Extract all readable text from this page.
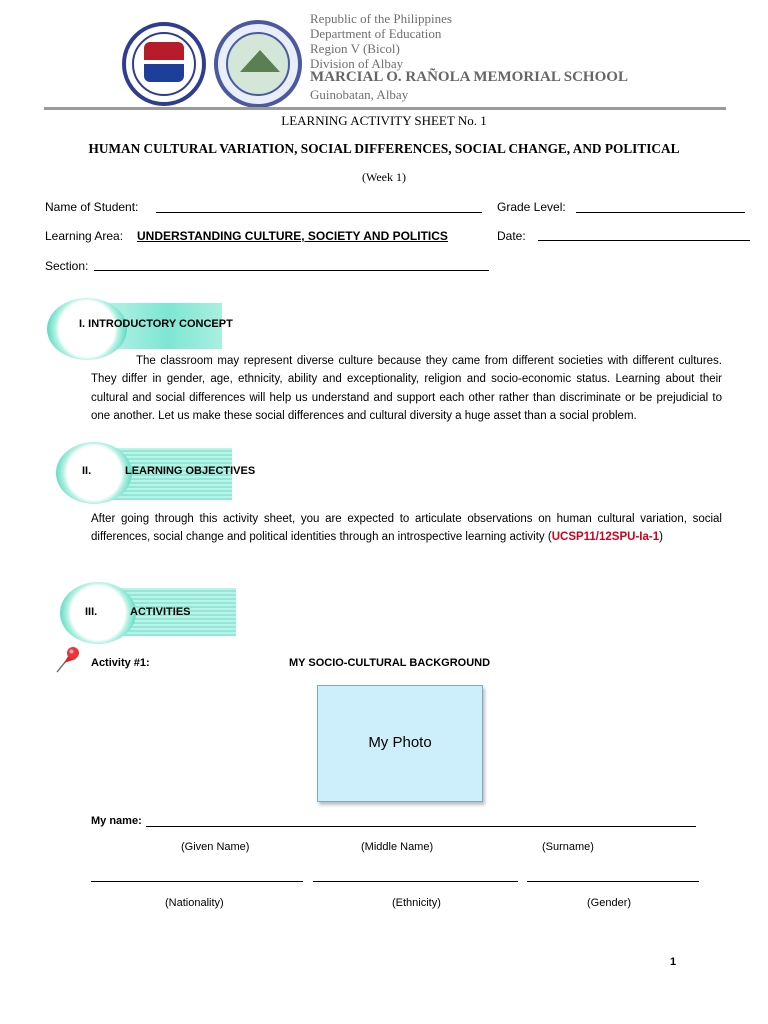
Republic of the Philippines
Department of Education
Region V (Bicol)
Division of Albay
MARCIAL O. RAÑOLA MEMORIAL SCHOOL
Guinobatan, Albay
LEARNING ACTIVITY SHEET No. 1
HUMAN CULTURAL VARIATION, SOCIAL DIFFERENCES, SOCIAL CHANGE, AND POLITICAL
(Week 1)
Name of Student:	Grade Level:
Learning Area: UNDERSTANDING CULTURE, SOCIETY AND POLITICS	Date:
Section:
I. INTRODUCTORY CONCEPT
The classroom may represent diverse culture because they came from different societies with different cultures. They differ in gender, age, ethnicity, ability and exceptionality, religion and socio-economic status. Learning about their cultural and social differences will help us understand and support each other rather than discriminate or be prejudicial to one another. Let us make these social differences and cultural diversity a huge asset than a social problem.
II.	LEARNING OBJECTIVES
After going through this activity sheet, you are expected to articulate observations on human cultural variation, social differences, social change and political identities through an introspective learning activity (UCSP11/12SPU-Ia-1)
III.	ACTIVITIES
Activity #1:	MY SOCIO-CULTURAL BACKGROUND
My Photo
My name:
(Given Name)	(Middle Name)	(Surname)
(Nationality)	(Ethnicity)	(Gender)
1
